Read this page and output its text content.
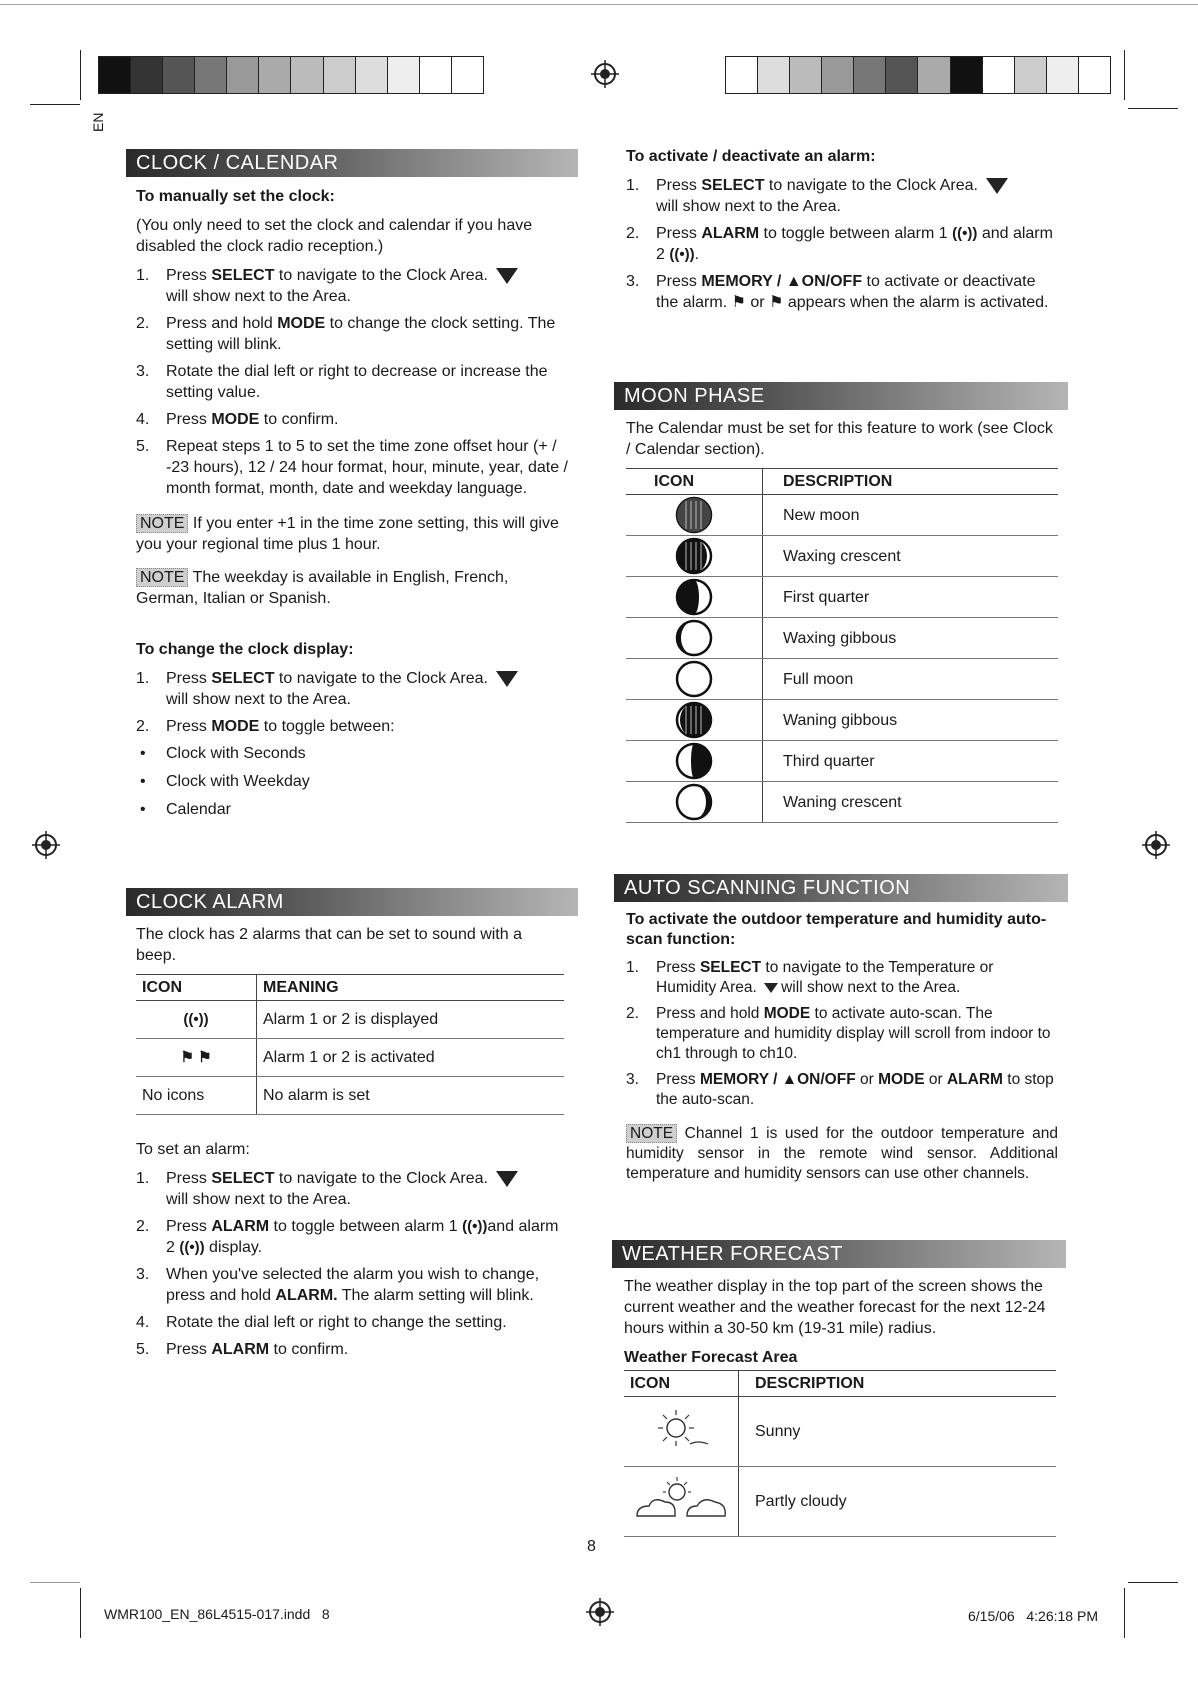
EN
CLOCK / CALENDAR
To manually set the clock:
(You only need to set the clock and calendar if you have disabled the clock radio reception.)
1. Press SELECT to navigate to the Clock Area.
will show next to the Area.
2. Press and hold MODE to change the clock setting. The setting will blink.
3. Rotate the dial left or right to decrease or increase the setting value.
4. Press MODE to confirm.
5. Repeat steps 1 to 5 to set the time zone offset hour (+ / -23 hours), 12 / 24 hour format, hour, minute, year, date / month format, month, date and weekday language.
NOTE If you enter +1 in the time zone setting, this will give you your regional time plus 1 hour.
NOTE The weekday is available in English, French, German, Italian or Spanish.
To change the clock display:
1. Press SELECT to navigate to the Clock Area.
will show next to the Area.
2. Press MODE to toggle between:
• Clock with Seconds
• Clock with Weekday
• Calendar
CLOCK ALARM
The clock has 2 alarms that can be set to sound with a beep.
ICON	MEANING
((•))	Alarm 1 or 2 is displayed
⚑ ⚑	Alarm 1 or 2 is activated
No icons	No alarm is set
To set an alarm:
1. Press SELECT to navigate to the Clock Area.
will show next to the Area.
2. Press ALARM to toggle between alarm 1 ((•))and alarm 2 ((•)) display.
3. When you've selected the alarm you wish to change, press and hold ALARM. The alarm setting will blink.
4. Rotate the dial left or right to change the setting.
5. Press ALARM to confirm.
To activate / deactivate an alarm:
1. Press SELECT to navigate to the Clock Area.
will show next to the Area.
2. Press ALARM to toggle between alarm 1 ((•)) and alarm 2 ((•)).
3. Press MEMORY / ▲ON/OFF to activate or deactivate the alarm. ⚑ or ⚑ appears when the alarm is activated.
MOON PHASE
The Calendar must be set for this feature to work (see Clock / Calendar section).
ICON	DESCRIPTION

	New moon

	Waxing crescent

	First quarter

	Waxing gibbous

	Full moon

	Waning gibbous

	Third quarter

	Waning crescent
AUTO SCANNING FUNCTION
To activate the outdoor temperature and humidity auto-scan function:
1. Press SELECT to navigate to the Temperature or Humidity Area. will show next to the Area.
2. Press and hold MODE to activate auto-scan. The temperature and humidity display will scroll from indoor to ch1 through to ch10.
3. Press MEMORY / ▲ON/OFF or MODE or ALARM to stop the auto-scan.
NOTE Channel 1 is used for the outdoor temperature and humidity sensor in the remote wind sensor. Additional temperature and humidity sensors can use other channels.
WEATHER FORECAST
The weather display in the top part of the screen shows the current weather and the weather forecast for the next 12-24 hours within a 30-50 km (19-31 mile) radius.
Weather Forecast Area
ICON	DESCRIPTION
	Sunny
	Partly cloudy
8
WMR100_EN_86L4515-017.indd   8	6/15/06   4:26:18 PM
